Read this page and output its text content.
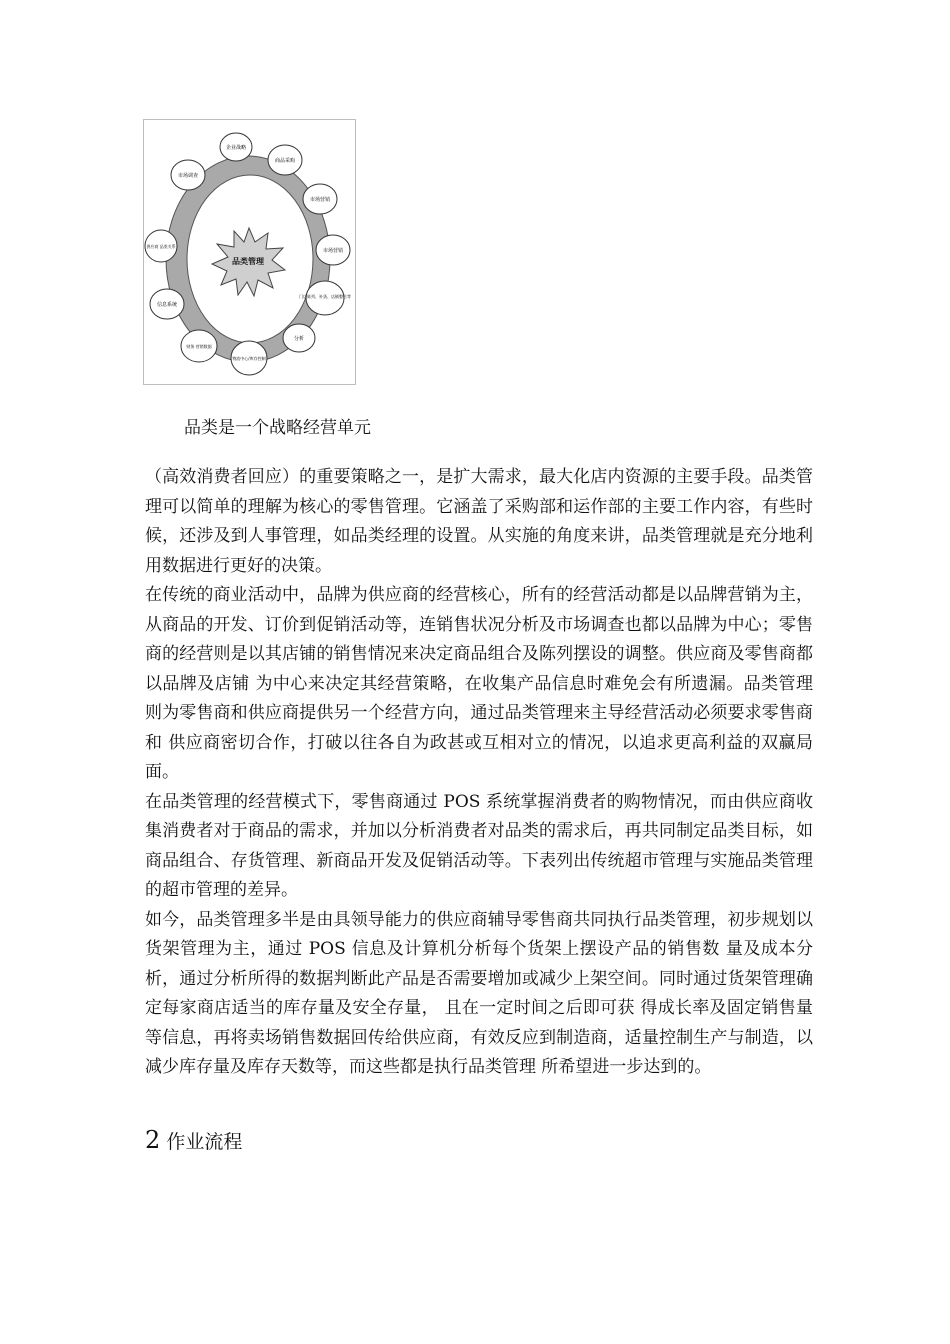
品类管理
企业战略
商品采购
市场营销
市场营销
门店陈列、补货、店铺整合等
分析
物流中心/库存控制
财务 营销数据
信息系统
供应商 品类关系
市场调查
品类是一个战略经营单元

（高效消费者回应）的重要策略之一，是扩大需求，最大化店内资源的主要手段。品类管理可以简单的理解为核心的零售管理。它涵盖了采购部和运作部的主要工作内容，有些时候，还涉及到人事管理，如品类经理的设置。从实施的角度来讲，品类管理就是充分地利用数据进行更好的决策。

在传统的商业活动中，品牌为供应商的经营核心，所有的经营活动都是以品牌营销为主，从商品的开发、订价到促销活动等，连销售状况分析及市场调查也都以品牌为中心；零售商的经营则是以其店铺的销售情况来决定商品组合及陈列摆设的调整。供应商及零售商都以品牌及店铺 为中心来决定其经营策略，在收集产品信息时难免会有所遗漏。品类管理则为零售商和供应商提供另一个经营方向，通过品类管理来主导经营活动必须要求零售商和 供应商密切合作，打破以往各自为政甚或互相对立的情况，以追求更高利益的双赢局面。

在品类管理的经营模式下，零售商通过 POS 系统掌握消费者的购物情况，而由供应商收集消费者对于商品的需求，并加以分析消费者对品类的需求后，再共同制定品类目标，如商品组合、存货管理、新商品开发及促销活动等。下表列出传统超市管理与实施品类管理的超市管理的差异。

如今，品类管理多半是由具领导能力的供应商辅导零售商共同执行品类管理，初步规划以货架管理为主，通过 POS 信息及计算机分析每个货架上摆设产品的销售数 量及成本分析，通过分析所得的数据判断此产品是否需要增加或减少上架空间。同时通过货架管理确定每家商店适当的库存量及安全存量， 且在一定时间之后即可获 得成长率及固定销售量等信息，再将卖场销售数据回传给供应商，有效反应到制造商，适量控制生产与制造，以减少库存量及库存天数等，而这些都是执行品类管理 所希望进一步达到的。

2 作业流程
